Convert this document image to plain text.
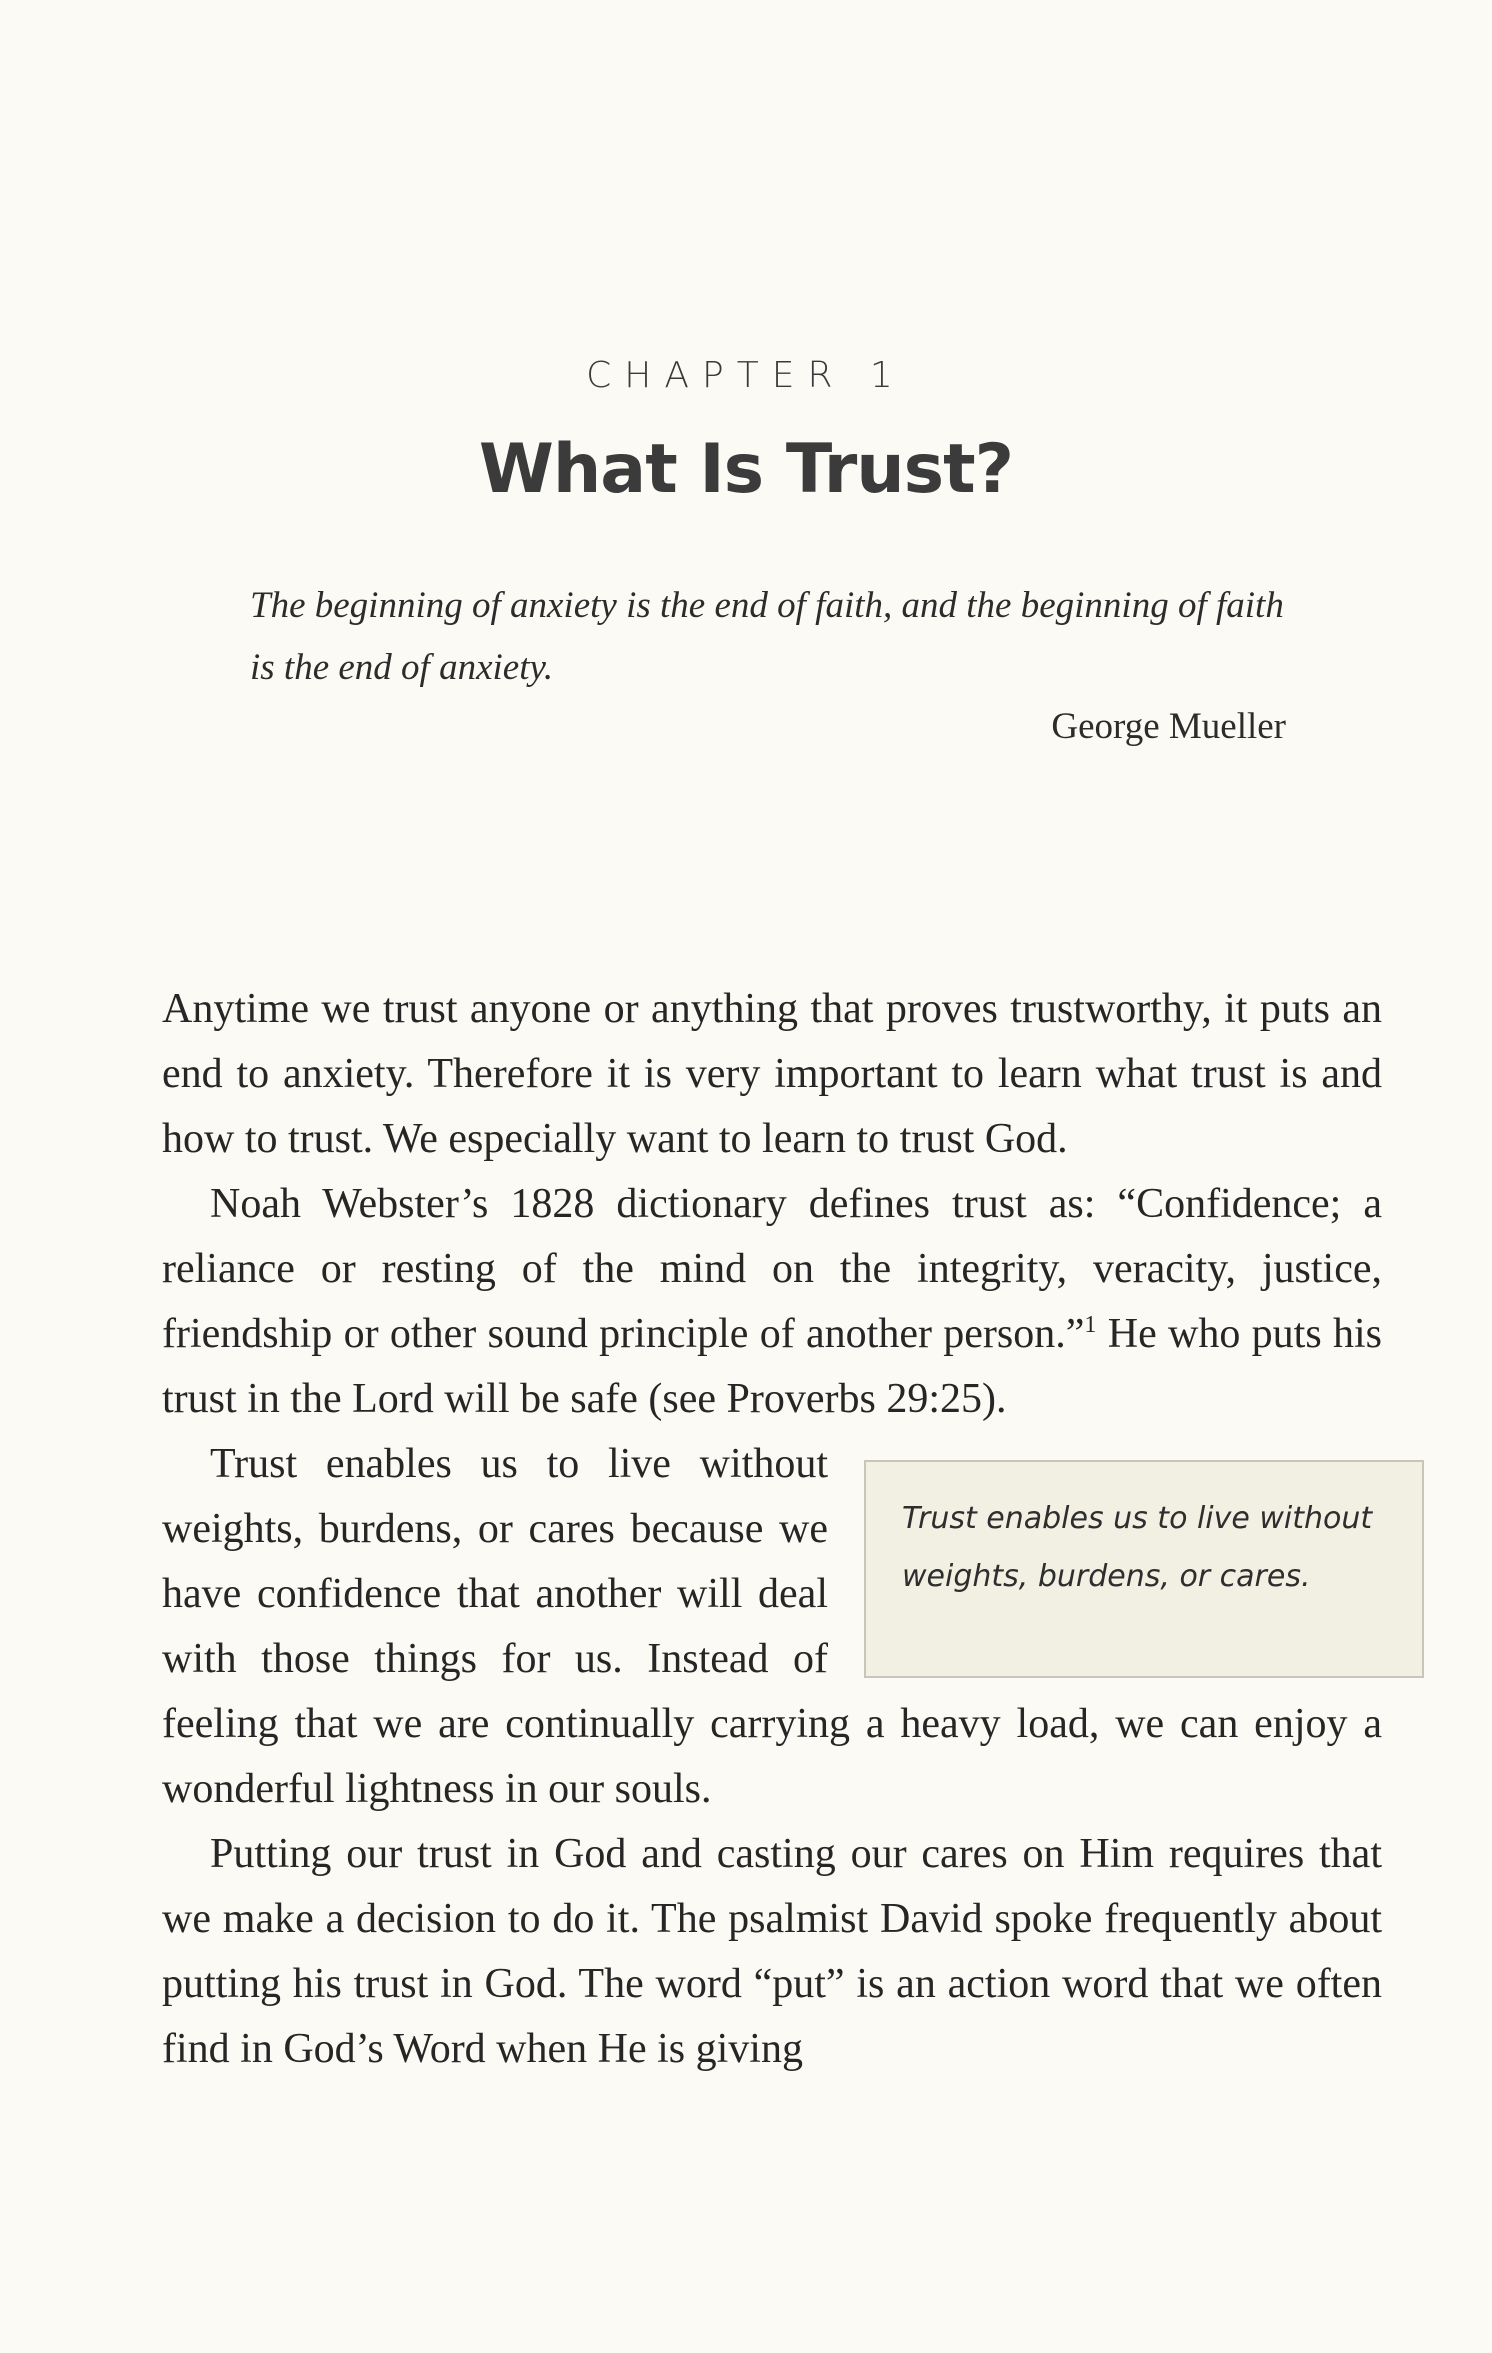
CHAPTER 1
What Is Trust?
The beginning of anxiety is the end of faith, and the beginning of faith is the end of anxiety.
George Mueller

Anytime we trust anyone or anything that proves trustworthy, it puts an end to anxiety. Therefore it is very important to learn what trust is and how to trust. We especially want to learn to trust God.

Noah Webster’s 1828 dictionary defines trust as: “Confidence; a reliance or resting of the mind on the integrity, veracity, justice, friendship or other sound principle of another person.”$^1$ He who puts his trust in the Lord will be safe (see Proverbs 29:25).

Trust enables us to live without weights, burdens, or cares.
Trust enables us to live without weights, burdens, or cares because we have confidence that another will deal with those things for us. Instead of feeling that we are continually carrying a heavy load, we can enjoy a wonderful lightness in our souls.

Putting our trust in God and casting our cares on Him requires that we make a decision to do it. The psalmist David spoke frequently about putting his trust in God. The word “put” is an action word that we often find in God’s Word when He is giving
